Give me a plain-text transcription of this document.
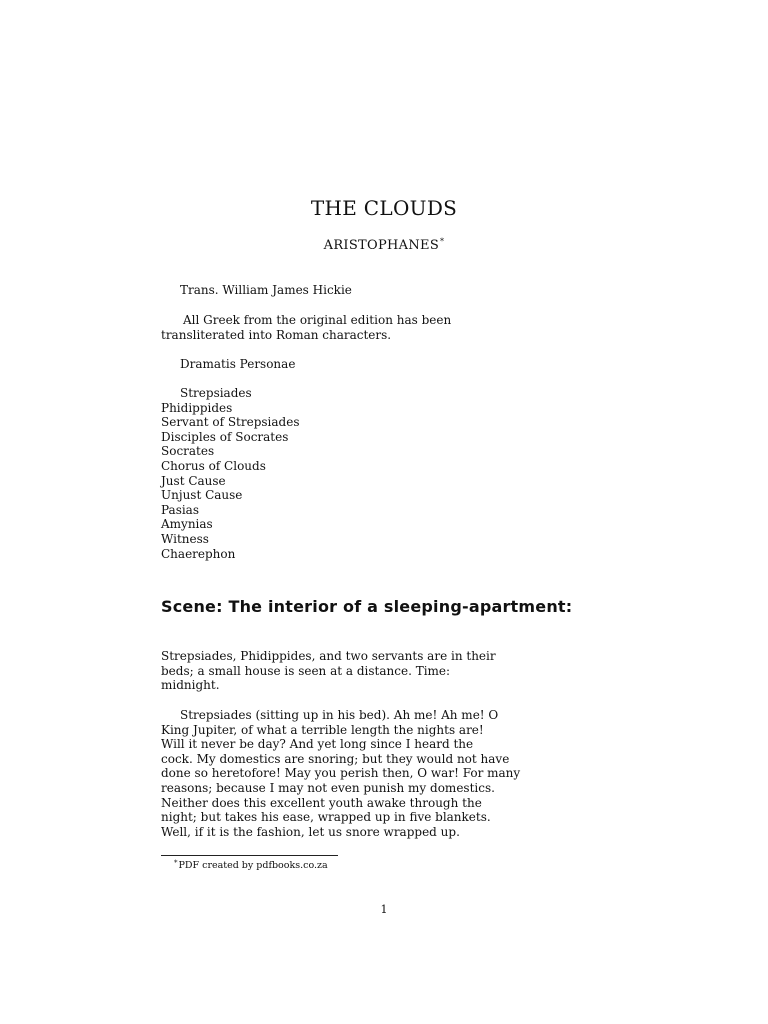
THE CLOUDS
ARISTOPHANES*
Trans. William James Hickie
All Greek from the original edition has been
transliterated into Roman characters.
Dramatis Personae
Strepsiades
Phidippides
Servant of Strepsiades
Disciples of Socrates
Socrates
Chorus of Clouds
Just Cause
Unjust Cause
Pasias
Amynias
Witness
Chaerephon
Scene: The interior of a sleeping-apartment:
Strepsiades, Phidippides, and two servants are in their
beds; a small house is seen at a distance. Time:
midnight.
Strepsiades (sitting up in his bed). Ah me! Ah me! O
King Jupiter, of what a terrible length the nights are!
Will it never be day? And yet long since I heard the
cock. My domestics are snoring; but they would not have
done so heretofore! May you perish then, O war! For many
reasons; because I may not even punish my domestics.
Neither does this excellent youth awake through the
night; but takes his ease, wrapped up in five blankets.
Well, if it is the fashion, let us snore wrapped up.
*PDF created by pdfbooks.co.za
1
